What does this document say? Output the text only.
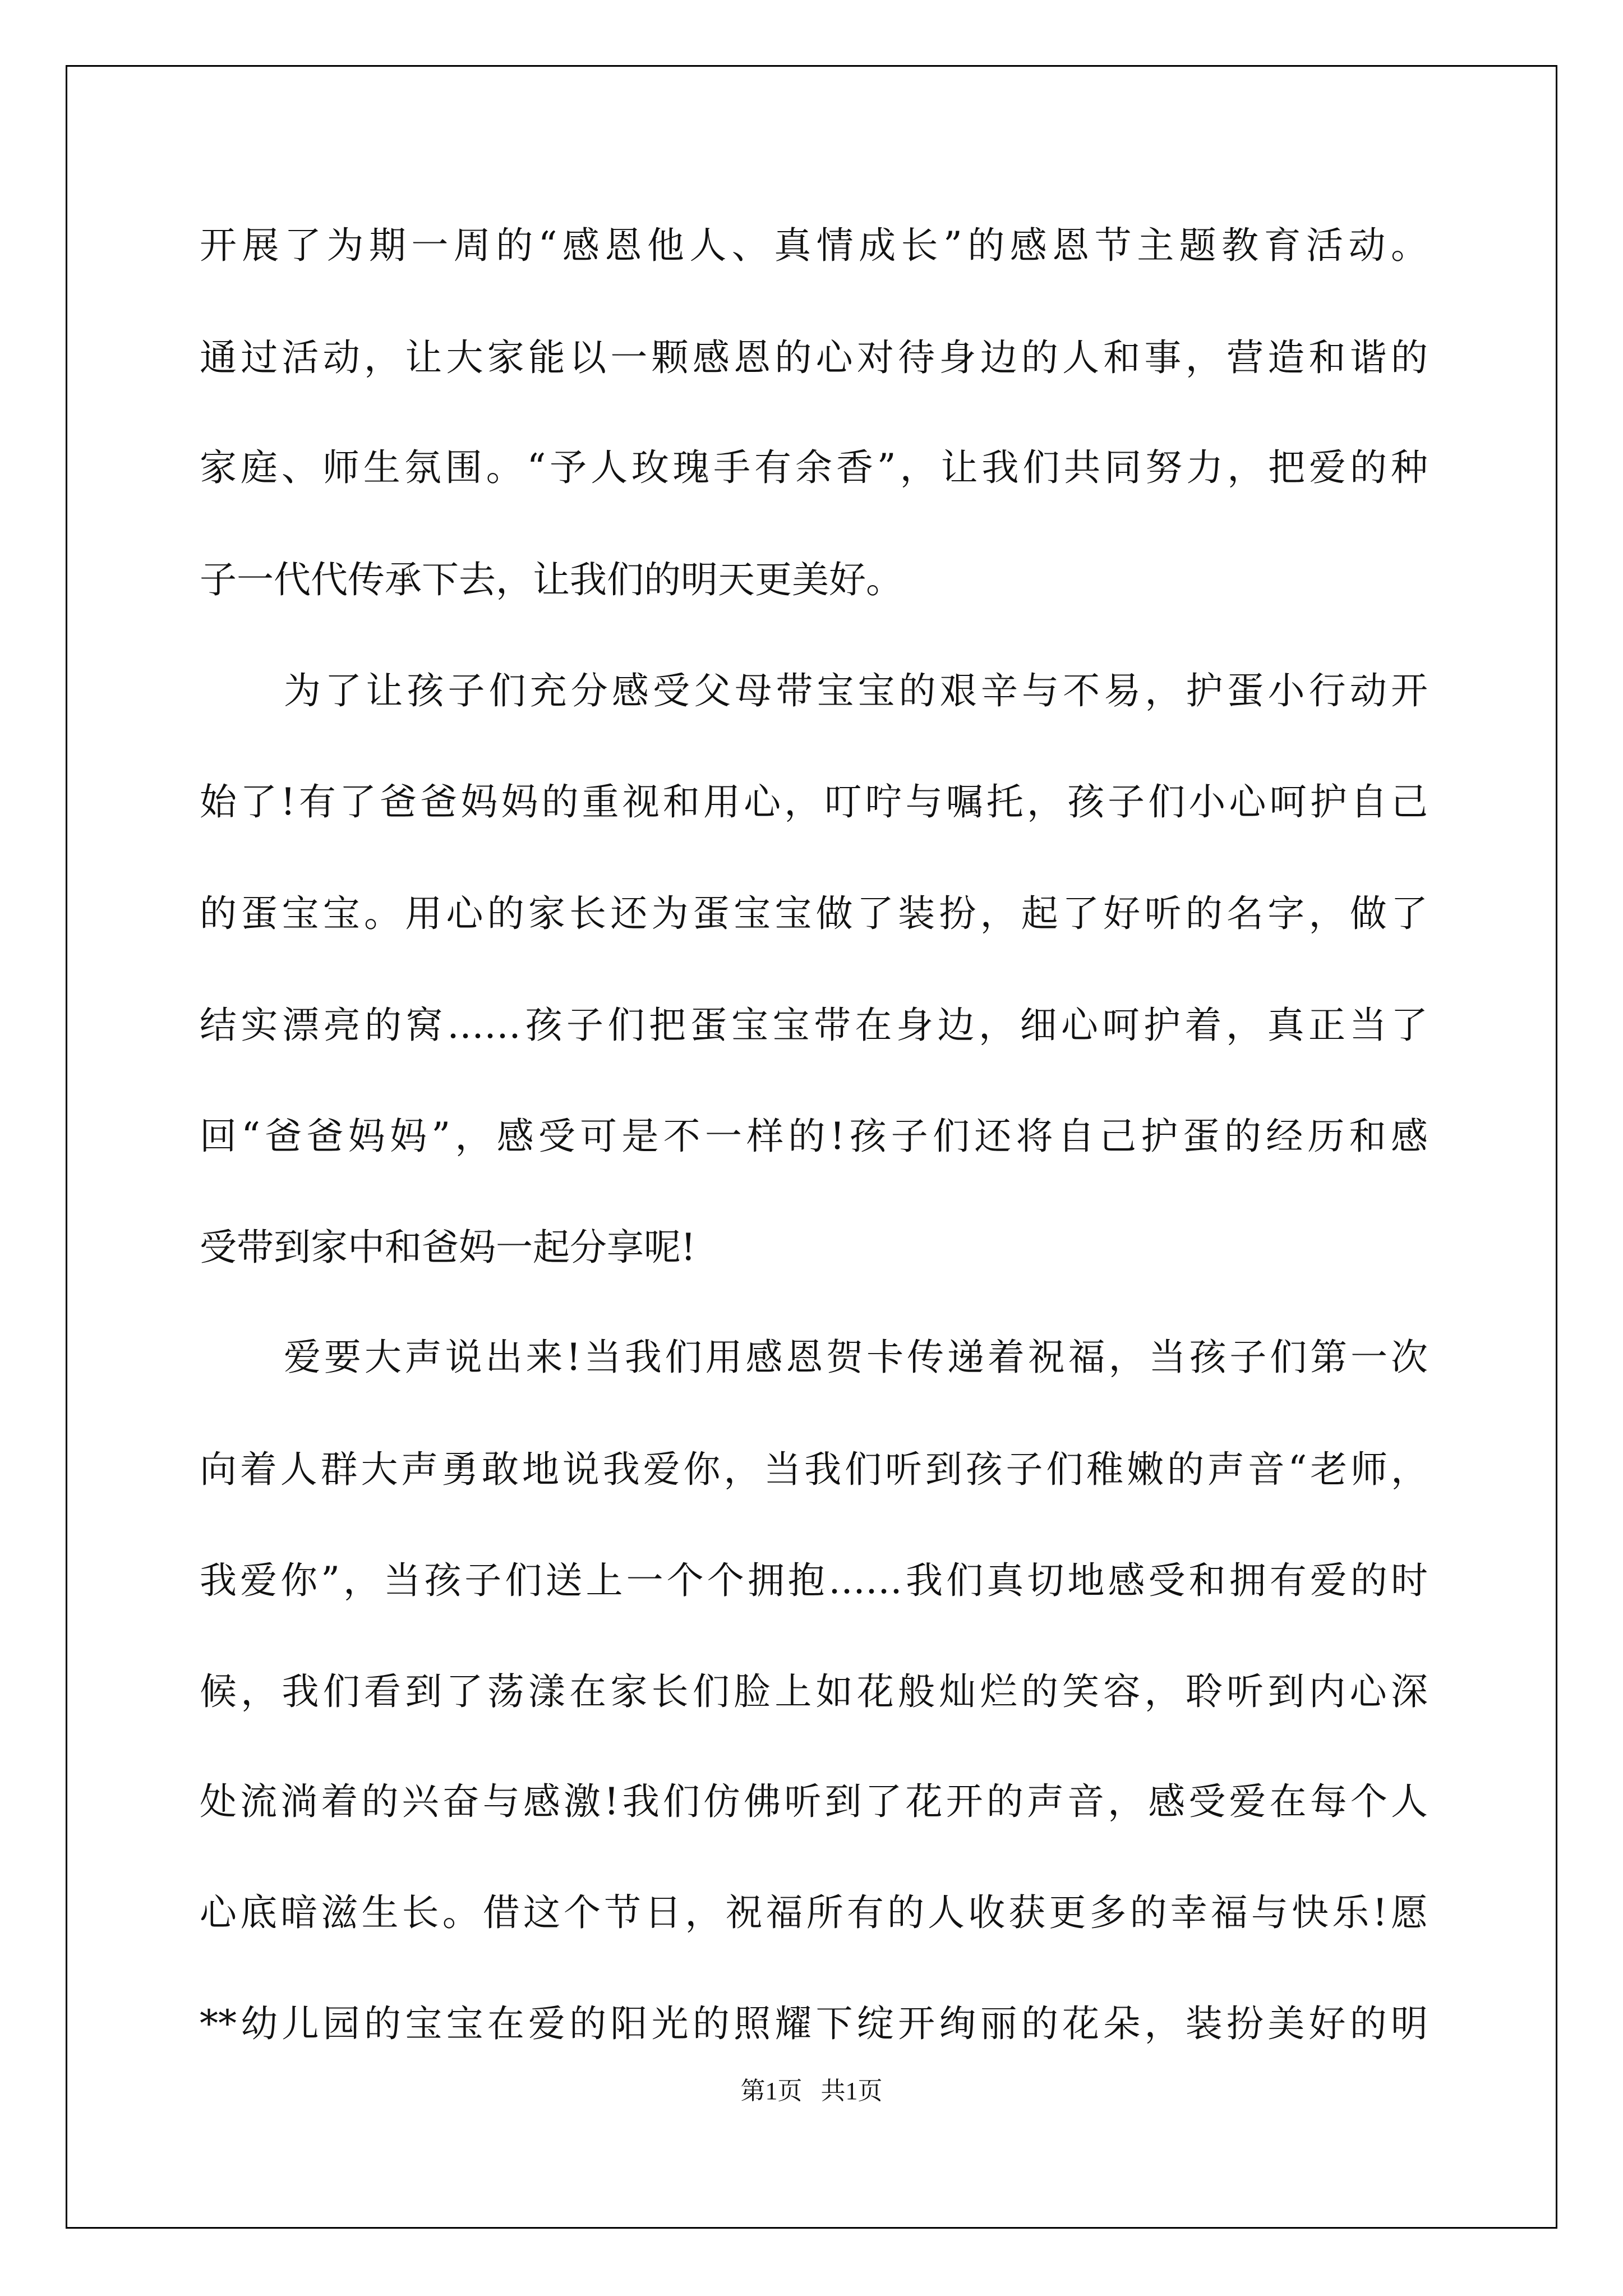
开展了为期一周的“感恩他人、真情成长”的感恩节主题教育活动。
通过活动，让大家能以一颗感恩的心对待身边的人和事，营造和谐的
家庭、师生氛围。“予人玫瑰手有余香”，让我们共同努力，把爱的种
子一代代传承下去，让我们的明天更美好。
为了让孩子们充分感受父母带宝宝的艰辛与不易，护蛋小行动开
始了!有了爸爸妈妈的重视和用心，叮咛与嘱托，孩子们小心呵护自己
的蛋宝宝。用心的家长还为蛋宝宝做了装扮，起了好听的名字，做了
结实漂亮的窝……孩子们把蛋宝宝带在身边，细心呵护着，真正当了
回“爸爸妈妈”，感受可是不一样的!孩子们还将自己护蛋的经历和感
受带到家中和爸妈一起分享呢!
爱要大声说出来!当我们用感恩贺卡传递着祝福，当孩子们第一次
向着人群大声勇敢地说我爱你，当我们听到孩子们稚嫩的声音“老师，
我爱你”，当孩子们送上一个个拥抱……我们真切地感受和拥有爱的时
候，我们看到了荡漾在家长们脸上如花般灿烂的笑容，聆听到内心深
处流淌着的兴奋与感激!我们仿佛听到了花开的声音，感受爱在每个人
心底暗滋生长。借这个节日，祝福所有的人收获更多的幸福与快乐!愿
**幼儿园的宝宝在爱的阳光的照耀下绽开绚丽的花朵，装扮美好的明
第1页 共1页
